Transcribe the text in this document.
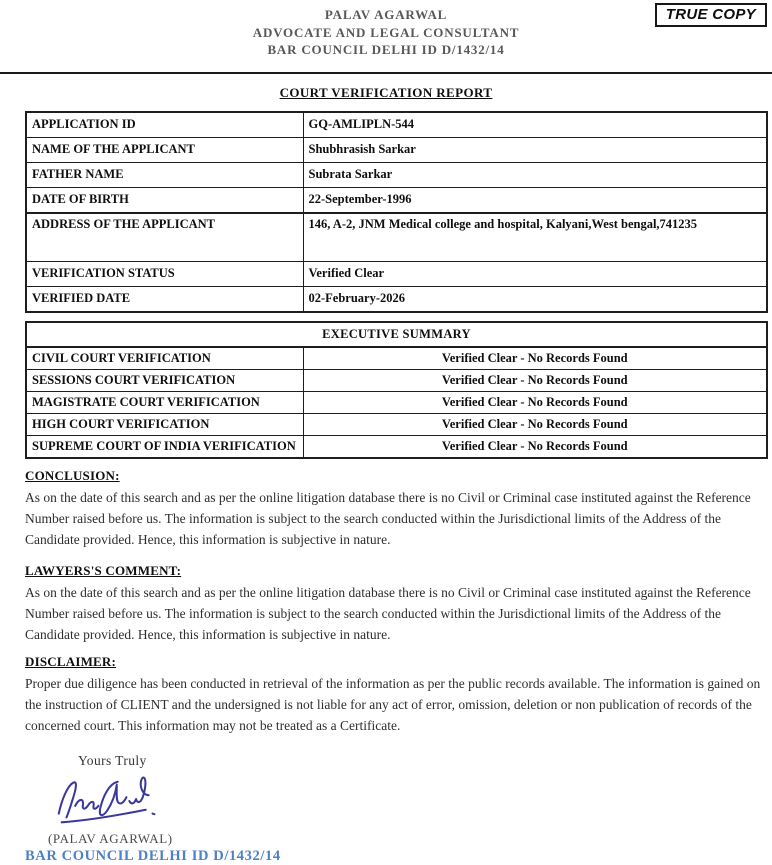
PALAV AGARWAL
ADVOCATE AND LEGAL CONSULTANT
BAR COUNCIL DELHI ID D/1432/14
TRUE COPY
COURT VERIFICATION REPORT
APPLICATION ID	GQ-AMLIPLN-544
NAME OF THE APPLICANT	Shubhrasish Sarkar
FATHER NAME	Subrata Sarkar
DATE OF BIRTH	22-September-1996
ADDRESS OF THE APPLICANT	146, A-2, JNM Medical college and hospital, Kalyani,West bengal,741235
VERIFICATION STATUS	Verified Clear
VERIFIED DATE	02-February-2026
EXECUTIVE SUMMARY	
CIVIL COURT VERIFICATION	Verified Clear - No Records Found
SESSIONS COURT VERIFICATION	Verified Clear - No Records Found
MAGISTRATE COURT VERIFICATION	Verified Clear - No Records Found
HIGH COURT VERIFICATION	Verified Clear - No Records Found
SUPREME COURT OF INDIA VERIFICATION	Verified Clear - No Records Found
CONCLUSION:
As on the date of this search and as per the online litigation database there is no Civil or Criminal case instituted against the Reference Number raised before us. The information is subject to the search conducted within the Jurisdictional limits of the Address of the Candidate provided. Hence, this information is subjective in nature.
LAWYERS'S COMMENT:
As on the date of this search and as per the online litigation database there is no Civil or Criminal case instituted against the Reference Number raised before us. The information is subject to the search conducted within the Jurisdictional limits of the Address of the Candidate provided. Hence, this information is subjective in nature.
DISCLAIMER:
Proper due diligence has been conducted in retrieval of the information as per the public records available. The information is gained on the instruction of CLIENT and the undersigned is not liable for any act of error, omission, deletion or non publication of records of the concerned court. This information may not be treated as a Certificate.
Yours Truly
(PALAV AGARWAL)
BAR COUNCIL DELHI ID D/1432/14
